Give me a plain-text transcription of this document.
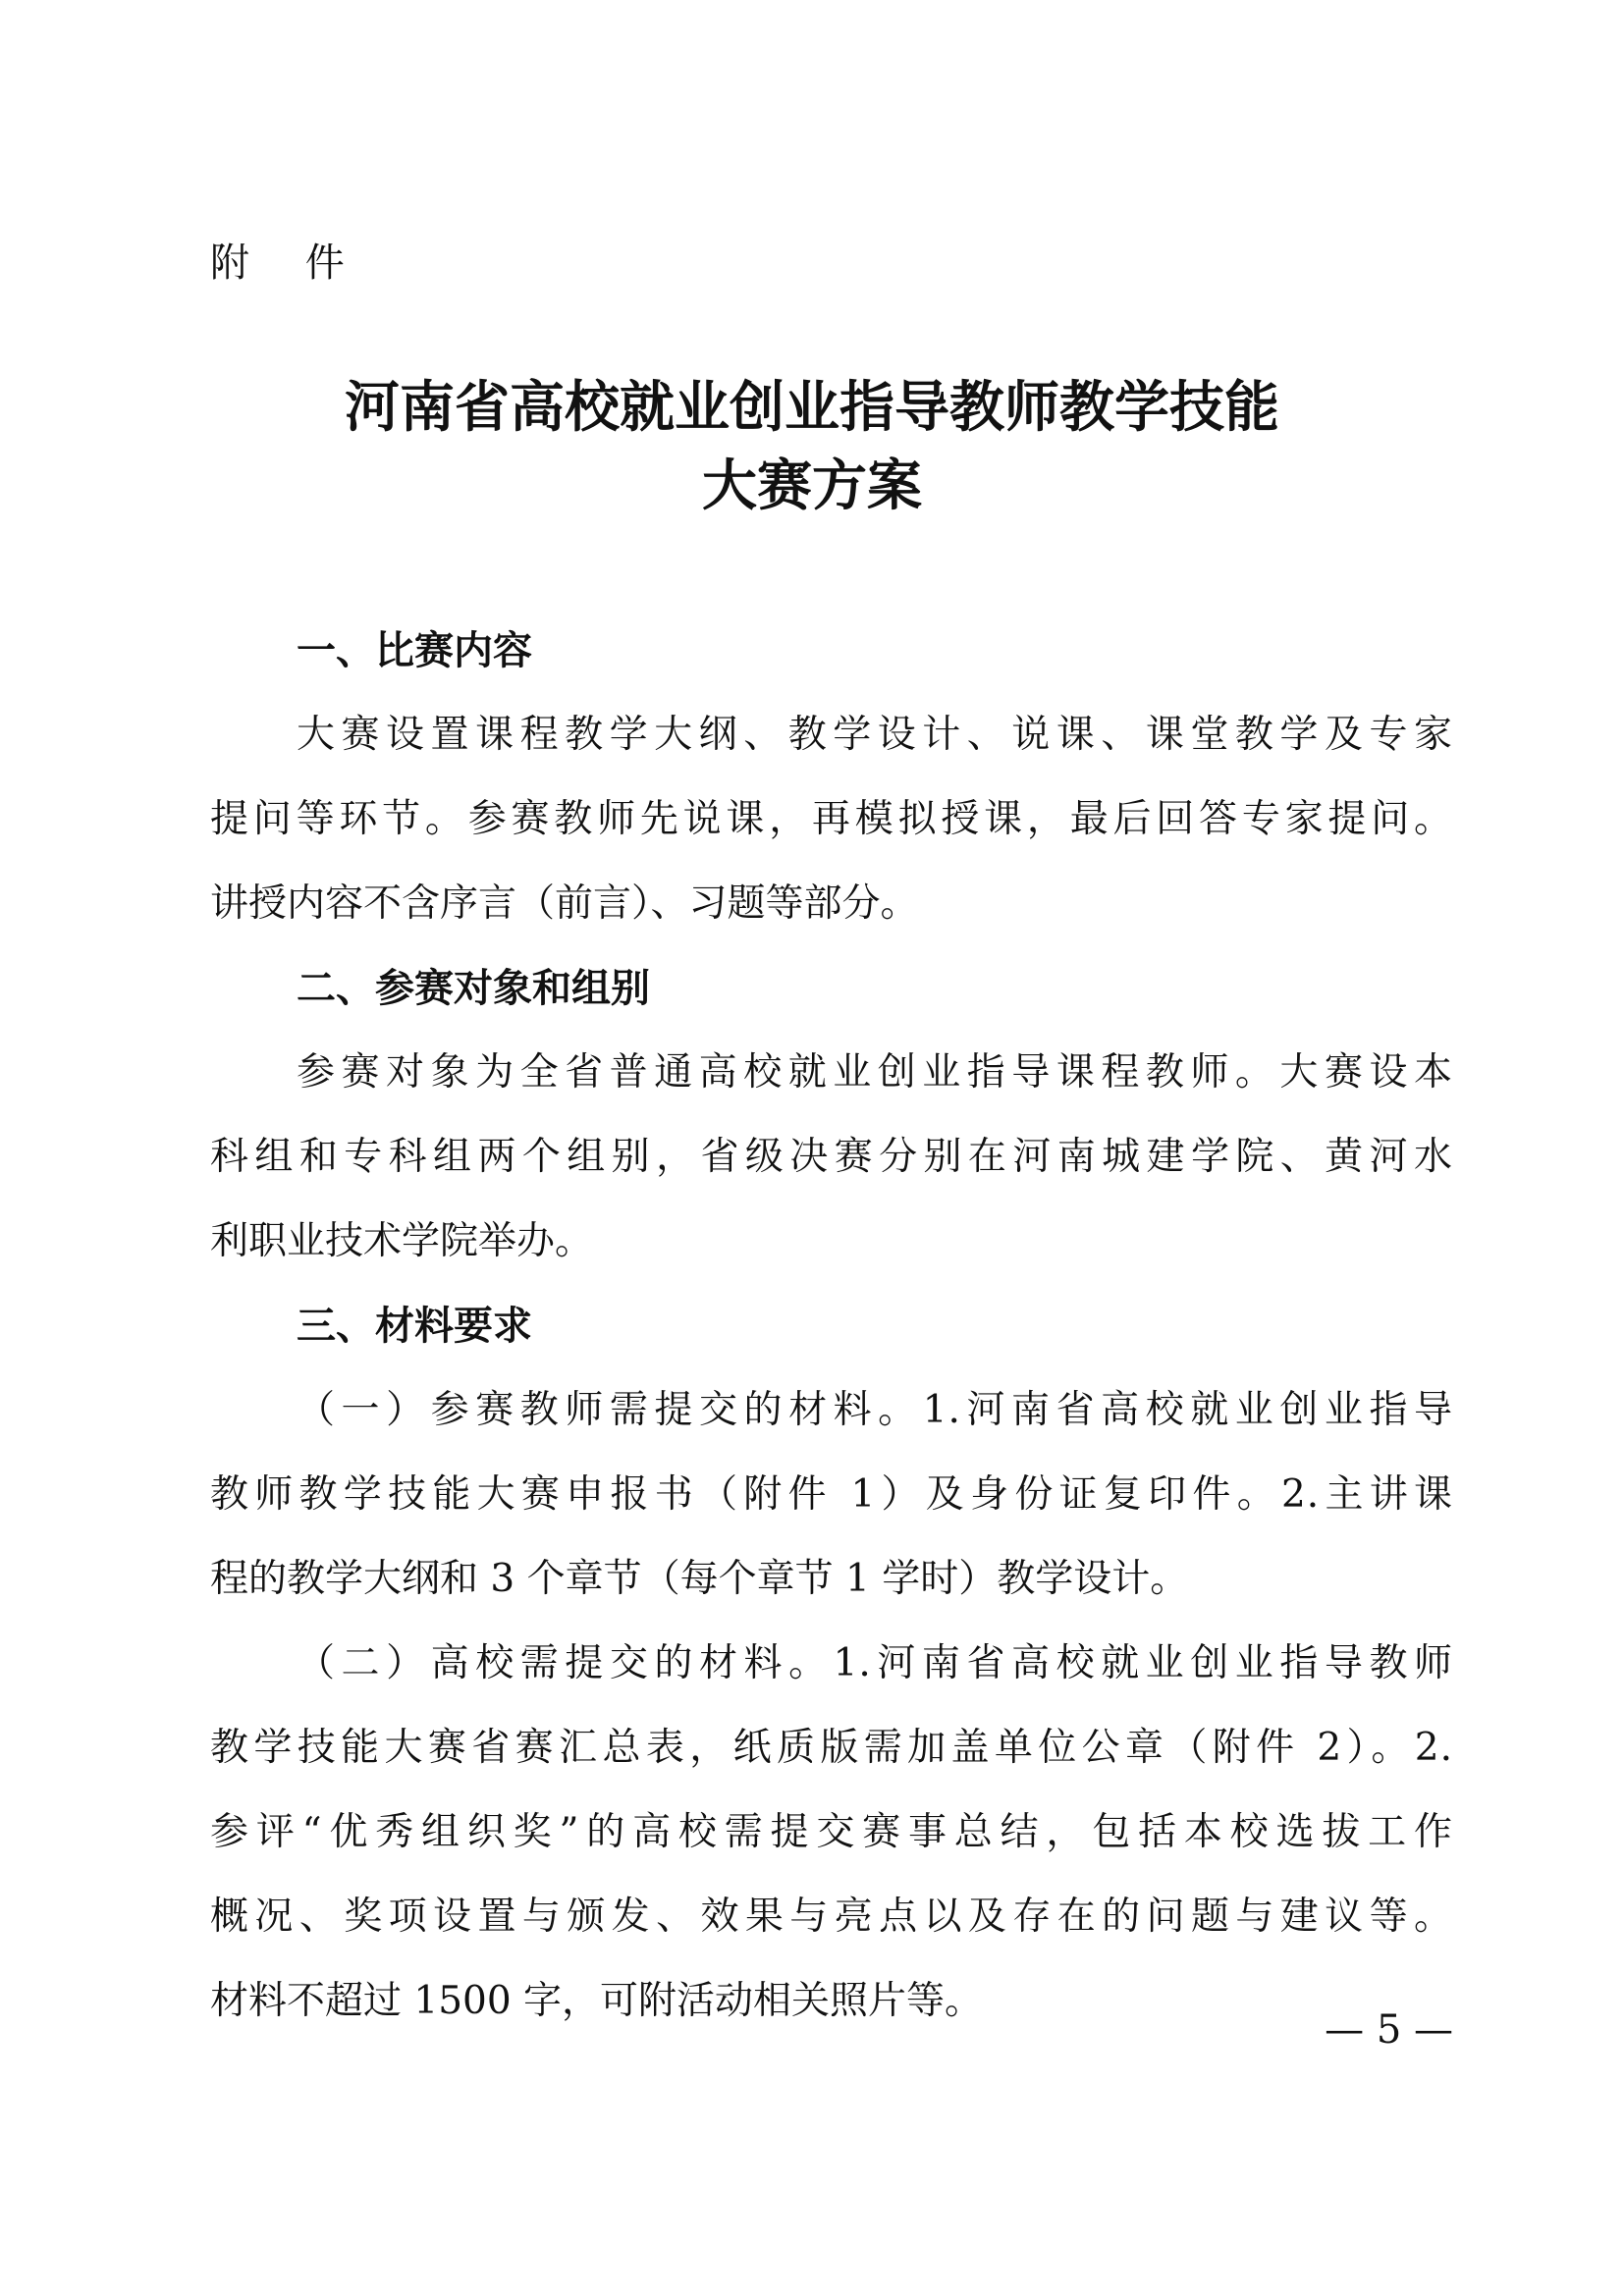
附 件
河南省高校就业创业指导教师教学技能
大赛方案
一、比赛内容
大赛设置课程教学大纲、教学设计、说课、课堂教学及专家
提问等环节。参赛教师先说课，再模拟授课，最后回答专家提问。
讲授内容不含序言（前言）、习题等部分。
二、参赛对象和组别
参赛对象为全省普通高校就业创业指导课程教师。大赛设本
科组和专科组两个组别，省级决赛分别在河南城建学院、黄河水
利职业技术学院举办。
三、材料要求
（一）参赛教师需提交的材料。1.河南省高校就业创业指导
教师教学技能大赛申报书（附件 1）及身份证复印件。2.主讲课
程的教学大纲和 3 个章节（每个章节 1 学时）教学设计。
（二）高校需提交的材料。1.河南省高校就业创业指导教师
教学技能大赛省赛汇总表，纸质版需加盖单位公章（附件 2）。2.
参评“优秀组织奖”的高校需提交赛事总结，包括本校选拔工作
概况、奖项设置与颁发、效果与亮点以及存在的问题与建议等。
材料不超过 1500 字，可附活动相关照片等。
— 5 —
